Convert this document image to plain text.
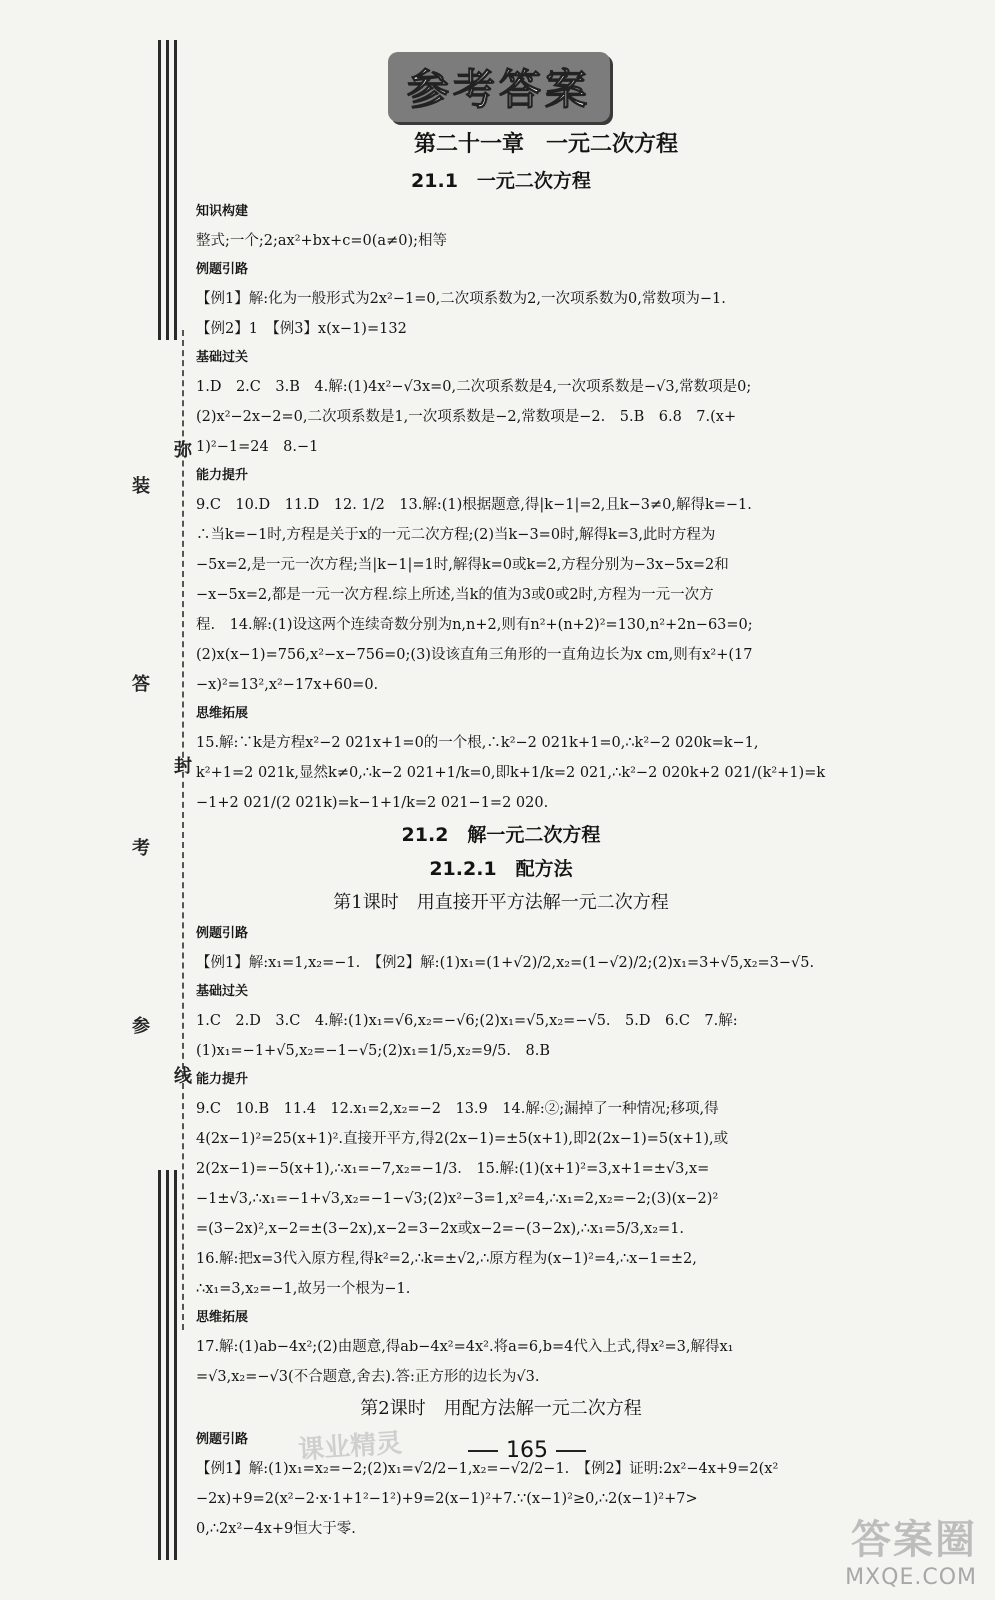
弥
装
答
封
考
参
线
参考答案
第二十一章　一元二次方程
21.1　一元二次方程
知识构建
整式;一个;2;ax²+bx+c=0(a≠0);相等
例题引路
【例1】解:化为一般形式为2x²−1=0,二次项系数为2,一次项系数为0,常数项为−1.
【例2】1　【例3】x(x−1)=132
基础过关
1.D　2.C　3.B　4.解:(1)4x²−√3x=0,二次项系数是4,一次项系数是−√3,常数项是0;
(2)x²−2x−2=0,二次项系数是1,一次项系数是−2,常数项是−2.　5.B　6.8　7.(x+
1)²−1=24　8.−1
能力提升
9.C　10.D　11.D　12. 1/2　13.解:(1)根据题意,得|k−1|=2,且k−3≠0,解得k=−1.
∴当k=−1时,方程是关于x的一元二次方程;(2)当k−3=0时,解得k=3,此时方程为
−5x=2,是一元一次方程;当|k−1|=1时,解得k=0或k=2,方程分别为−3x−5x=2和
−x−5x=2,都是一元一次方程.综上所述,当k的值为3或0或2时,方程为一元一次方
程.　14.解:(1)设这两个连续奇数分别为n,n+2,则有n²+(n+2)²=130,n²+2n−63=0;
(2)x(x−1)=756,x²−x−756=0;(3)设该直角三角形的一直角边长为x cm,则有x²+(17
−x)²=13²,x²−17x+60=0.
思维拓展
15.解:∵k是方程x²−2 021x+1=0的一个根,∴k²−2 021k+1=0,∴k²−2 020k=k−1,
k²+1=2 021k,显然k≠0,∴k−2 021+1/k=0,即k+1/k=2 021,∴k²−2 020k+2 021/(k²+1)=k
−1+2 021/(2 021k)=k−1+1/k=2 021−1=2 020.
21.2　解一元二次方程
21.2.1　配方法
第1课时　用直接开平方法解一元二次方程
例题引路
【例1】解:x₁=1,x₂=−1.　【例2】解:(1)x₁=(1+√2)/2,x₂=(1−√2)/2;(2)x₁=3+√5,x₂=3−√5.
基础过关
1.C　2.D　3.C　4.解:(1)x₁=√6,x₂=−√6;(2)x₁=√5,x₂=−√5.　5.D　6.C　7.解:
(1)x₁=−1+√5,x₂=−1−√5;(2)x₁=1/5,x₂=9/5.　8.B
能力提升
9.C　10.B　11.4　12.x₁=2,x₂=−2　13.9　14.解:②;漏掉了一种情况;移项,得
4(2x−1)²=25(x+1)².直接开平方,得2(2x−1)=±5(x+1),即2(2x−1)=5(x+1),或
2(2x−1)=−5(x+1),∴x₁=−7,x₂=−1/3.　15.解:(1)(x+1)²=3,x+1=±√3,x=
−1±√3,∴x₁=−1+√3,x₂=−1−√3;(2)x²−3=1,x²=4,∴x₁=2,x₂=−2;(3)(x−2)²
=(3−2x)²,x−2=±(3−2x),x−2=3−2x或x−2=−(3−2x),∴x₁=5/3,x₂=1.
16.解:把x=3代入原方程,得k²=2,∴k=±√2,∴原方程为(x−1)²=4,∴x−1=±2,
∴x₁=3,x₂=−1,故另一个根为−1.
思维拓展
17.解:(1)ab−4x²;(2)由题意,得ab−4x²=4x².将a=6,b=4代入上式,得x²=3,解得x₁
=√3,x₂=−√3(不合题意,舍去).答:正方形的边长为√3.
第2课时　用配方法解一元二次方程
例题引路
【例1】解:(1)x₁=x₂=−2;(2)x₁=√2/2−1,x₂=−√2/2−1.　【例2】证明:2x²−4x+9=2(x²
−2x)+9=2(x²−2·x·1+1²−1²)+9=2(x−1)²+7.∵(x−1)²≥0,∴2(x−1)²+7>
0,∴2x²−4x+9恒大于零.
课业精灵	165
答案圈
MXQE.COM
